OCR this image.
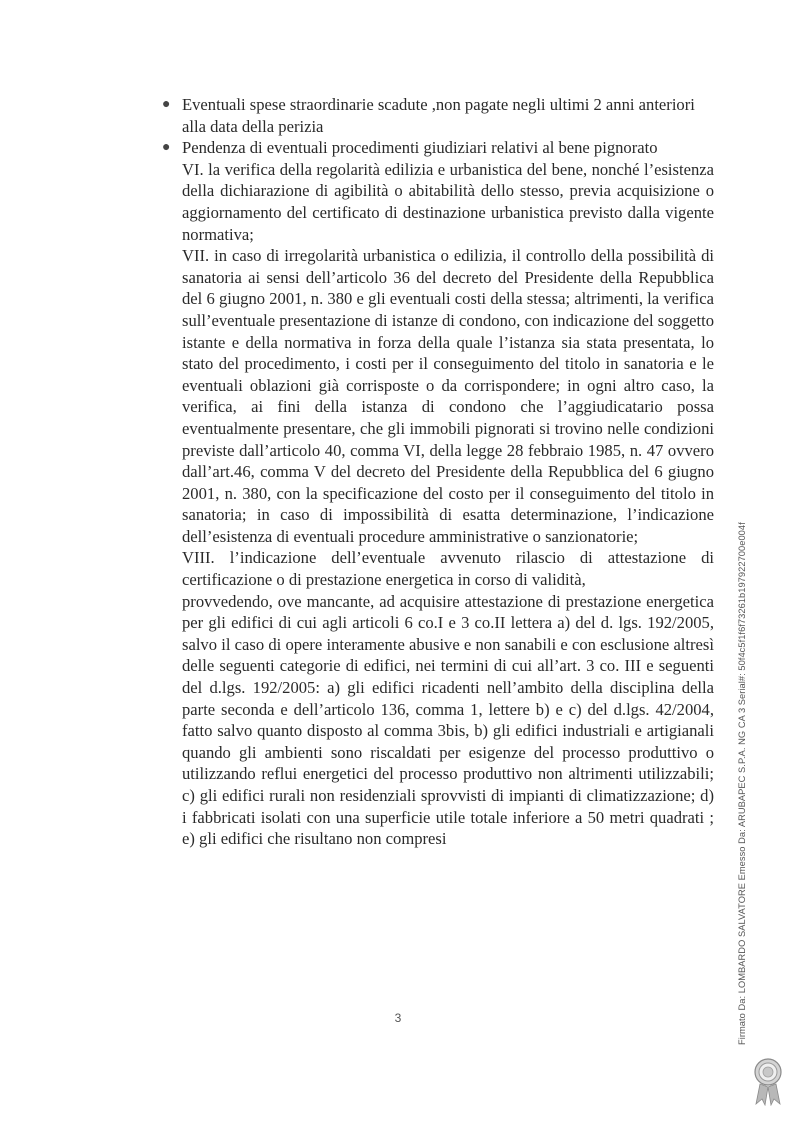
● Eventuali spese straordinarie scadute ,non pagate negli ultimi 2 anni anteriori alla data della perizia
● Pendenza di eventuali procedimenti giudiziari relativi al bene pignorato
VI. la verifica della regolarità edilizia e urbanistica del bene, nonché l’esistenza della dichiarazione di agibilità o abitabilità dello stesso, previa acquisizione o aggiornamento del certificato di destinazione urbanistica previsto dalla vigente normativa;
VII. in caso di irregolarità urbanistica o edilizia, il controllo della possibilità di sanatoria ai sensi dell’articolo 36 del decreto del Presidente della Repubblica del 6 giugno 2001, n. 380 e gli eventuali costi della stessa; altrimenti, la verifica sull’eventuale presentazione di istanze di condono, con indicazione del soggetto istante e della normativa in forza della quale l’istanza sia stata presentata, lo stato del procedimento, i costi per il conseguimento del titolo in sanatoria e le eventuali oblazioni già corrisposte o da corrispondere; in ogni altro caso, la verifica, ai fini della istanza di condono che l’aggiudicatario possa eventualmente presentare, che gli immobili pignorati si trovino nelle condizioni previste dall’articolo 40, comma VI, della legge 28 febbraio 1985, n. 47 ovvero dall’art.46, comma V del decreto del Presidente della Repubblica del 6 giugno 2001, n. 380, con la specificazione del costo per il conseguimento del titolo in sanatoria; in caso di impossibilità di esatta determinazione, l’indicazione dell’esistenza di eventuali procedure amministrative o sanzionatorie;
VIII. l’indicazione dell’eventuale avvenuto rilascio di attestazione di certificazione o di prestazione energetica in corso di validità,
provvedendo, ove mancante, ad acquisire attestazione di prestazione energetica per gli edifici di cui agli articoli 6 co.I e 3 co.II lettera a) del d. lgs. 192/2005, salvo il caso di opere interamente abusive e non sanabili e con esclusione altresì delle seguenti categorie di edifici, nei termini di cui all’art. 3 co. III e seguenti del d.lgs. 192/2005: a) gli edifici ricadenti nell’ambito della disciplina della parte seconda e dell’articolo 136, comma 1, lettere b) e c) del d.lgs. 42/2004, fatto salvo quanto disposto al comma 3bis, b) gli edifici industriali e artigianali quando gli ambienti sono riscaldati per esigenze del processo produttivo o utilizzando reflui energetici del processo produttivo non altrimenti utilizzabili; c) gli edifici rurali non residenziali sprovvisti di impianti di climatizzazione; d) i fabbricati isolati con una superficie utile totale inferiore a 50 metri quadrati ; e) gli edifici che risultano non compresi
3	Firmato Da: LOMBARDO SALVATORE Emesso Da: ARUBAPEC S.P.A. NG CA 3 Serial#: 50f4c5f1f6f73261b197922700e004f
